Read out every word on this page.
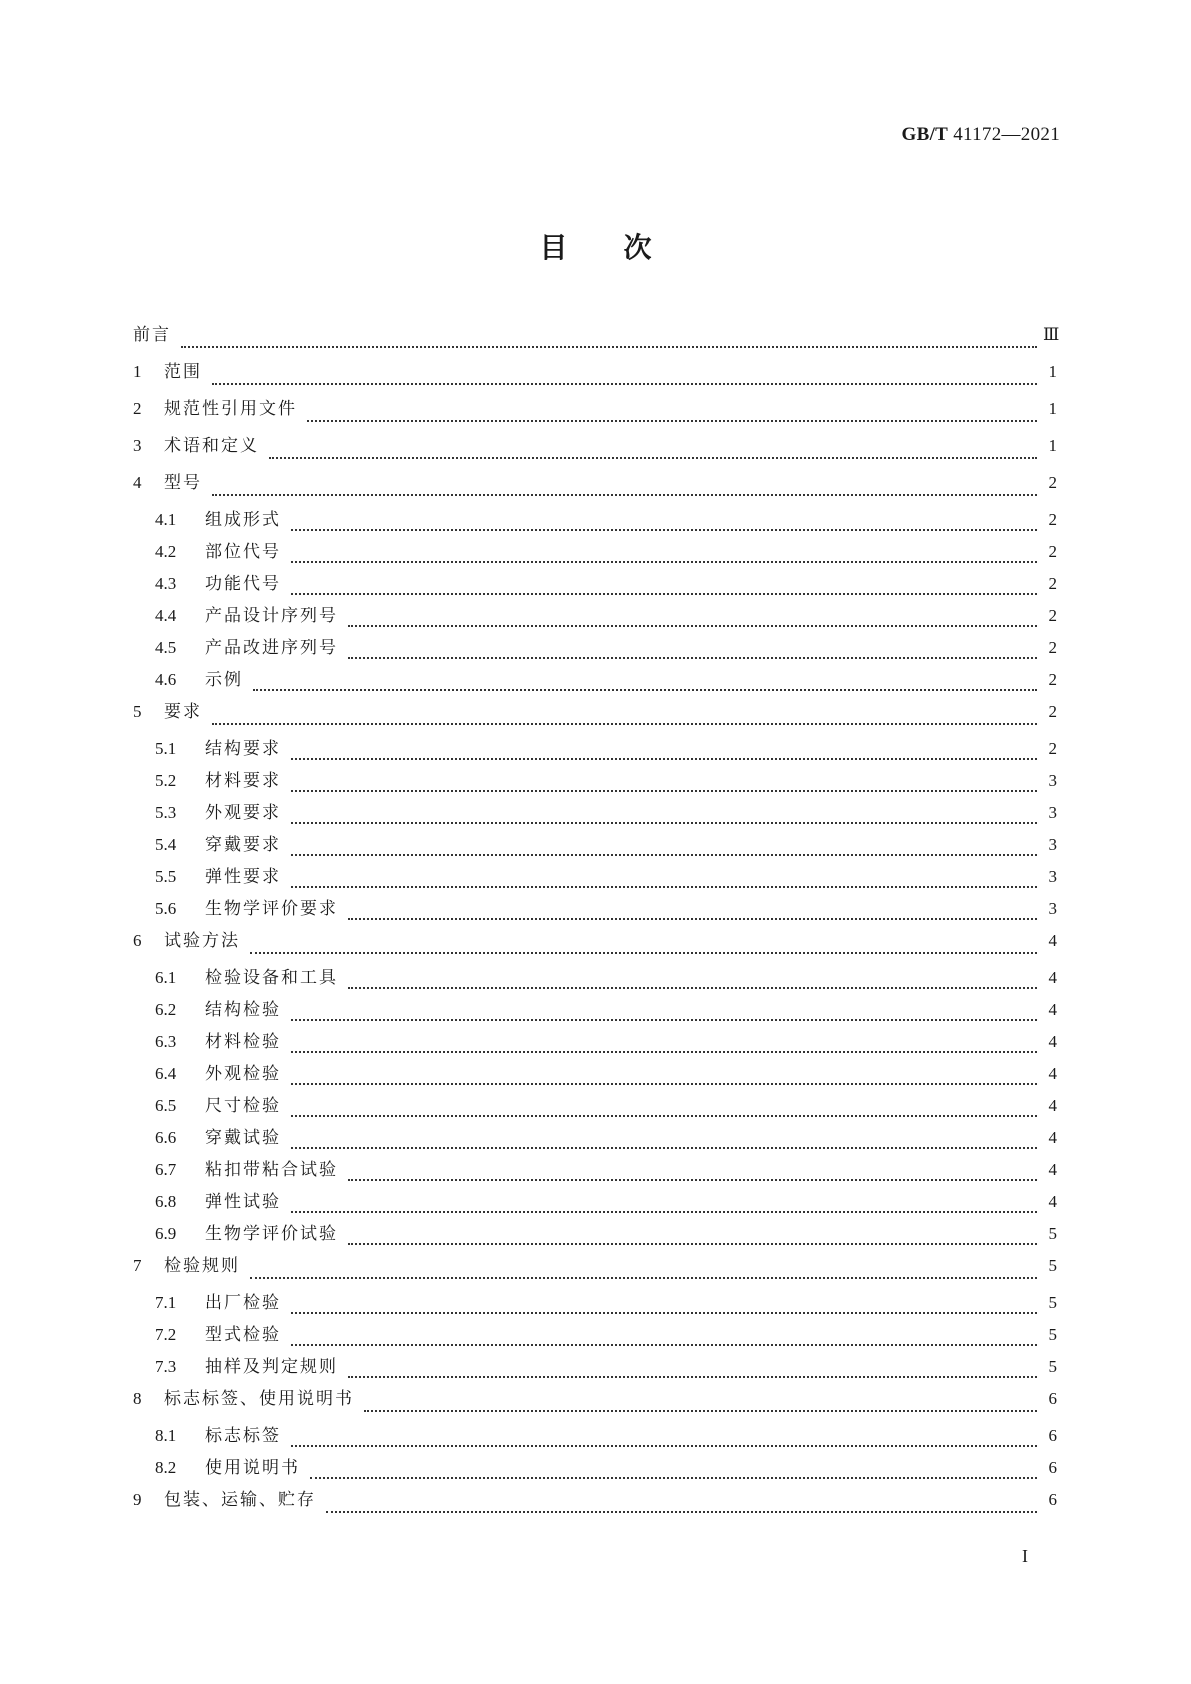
GB/T 41172—2021
目次
前言	Ⅲ
1	范围	1
2	规范性引用文件	1
3	术语和定义	1
4	型号	2
4.1	组成形式	2
4.2	部位代号	2
4.3	功能代号	2
4.4	产品设计序列号	2
4.5	产品改进序列号	2
4.6	示例	2
5	要求	2
5.1	结构要求	2
5.2	材料要求	3
5.3	外观要求	3
5.4	穿戴要求	3
5.5	弹性要求	3
5.6	生物学评价要求	3
6	试验方法	4
6.1	检验设备和工具	4
6.2	结构检验	4
6.3	材料检验	4
6.4	外观检验	4
6.5	尺寸检验	4
6.6	穿戴试验	4
6.7	粘扣带粘合试验	4
6.8	弹性试验	4
6.9	生物学评价试验	5
7	检验规则	5
7.1	出厂检验	5
7.2	型式检验	5
7.3	抽样及判定规则	5
8	标志标签、使用说明书	6
8.1	标志标签	6
8.2	使用说明书	6
9	包装、运输、贮存	6
I
